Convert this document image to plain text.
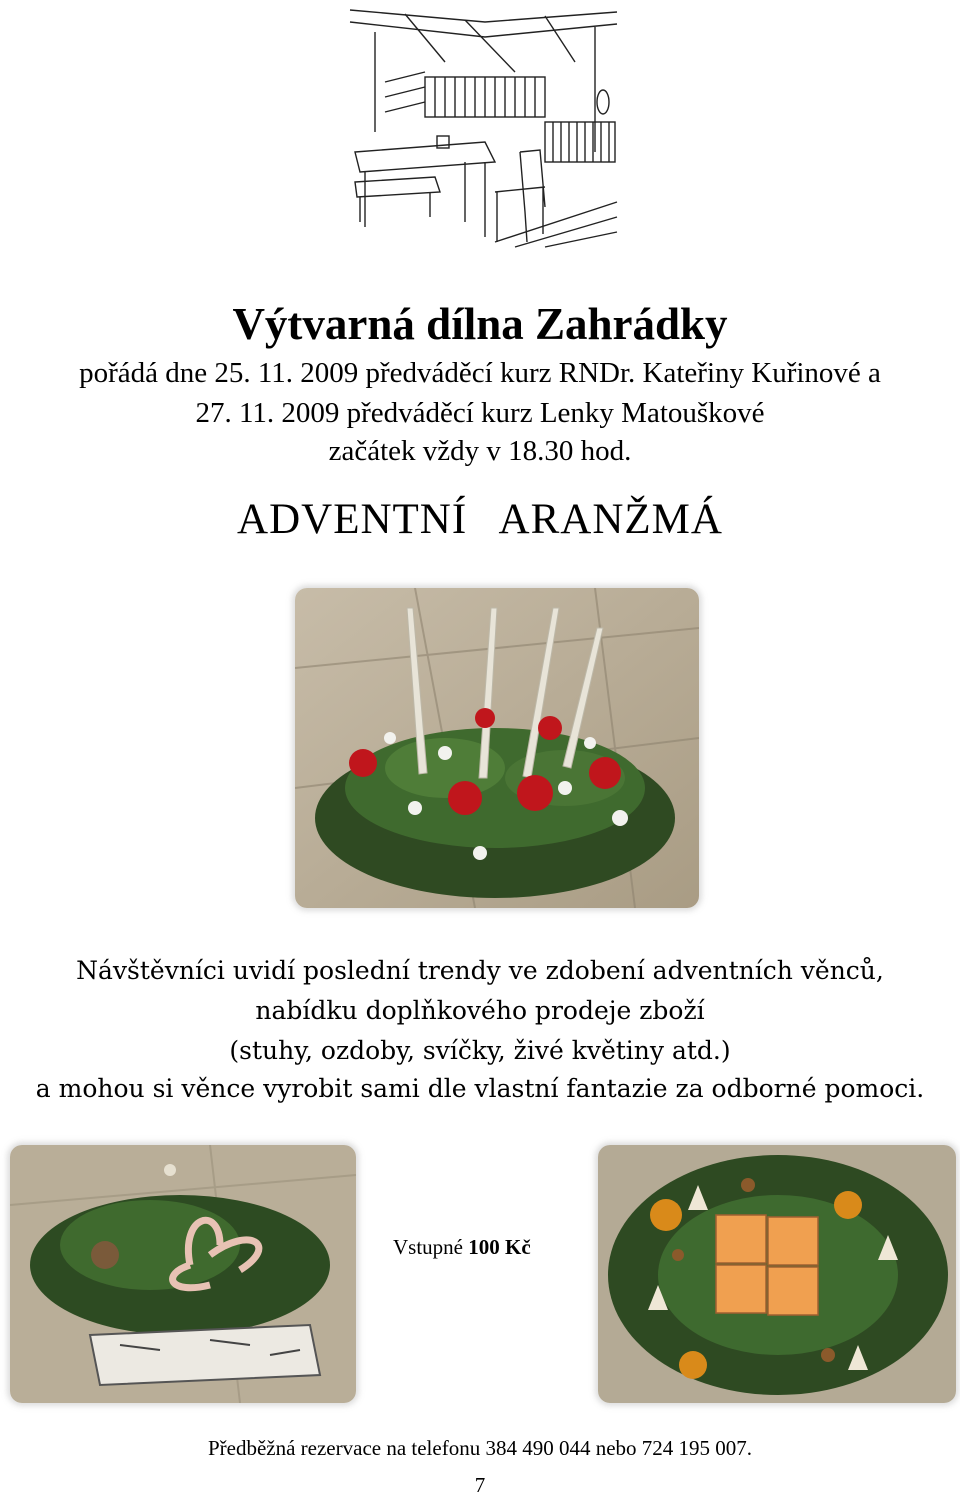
Výtvarná dílna Zahrádky
pořádá dne 25. 11. 2009 předváděcí kurz RNDr. Kateřiny Kuřinové a
27. 11. 2009 předváděcí kurz Lenky Matouškové
začátek vždy v 18.30 hod.
ADVENTNÍ ARANŽMÁ
Návštěvníci uvidí poslední trendy ve zdobení adventních věnců,
nabídku doplňkového prodeje zboží
(stuhy, ozdoby, svíčky, živé květiny atd.)
a mohou si věnce vyrobit sami dle vlastní fantazie za odborné pomoci.
Vstupné 100 Kč
Předběžná rezervace na telefonu 384 490 044 nebo 724 195 007.
7
